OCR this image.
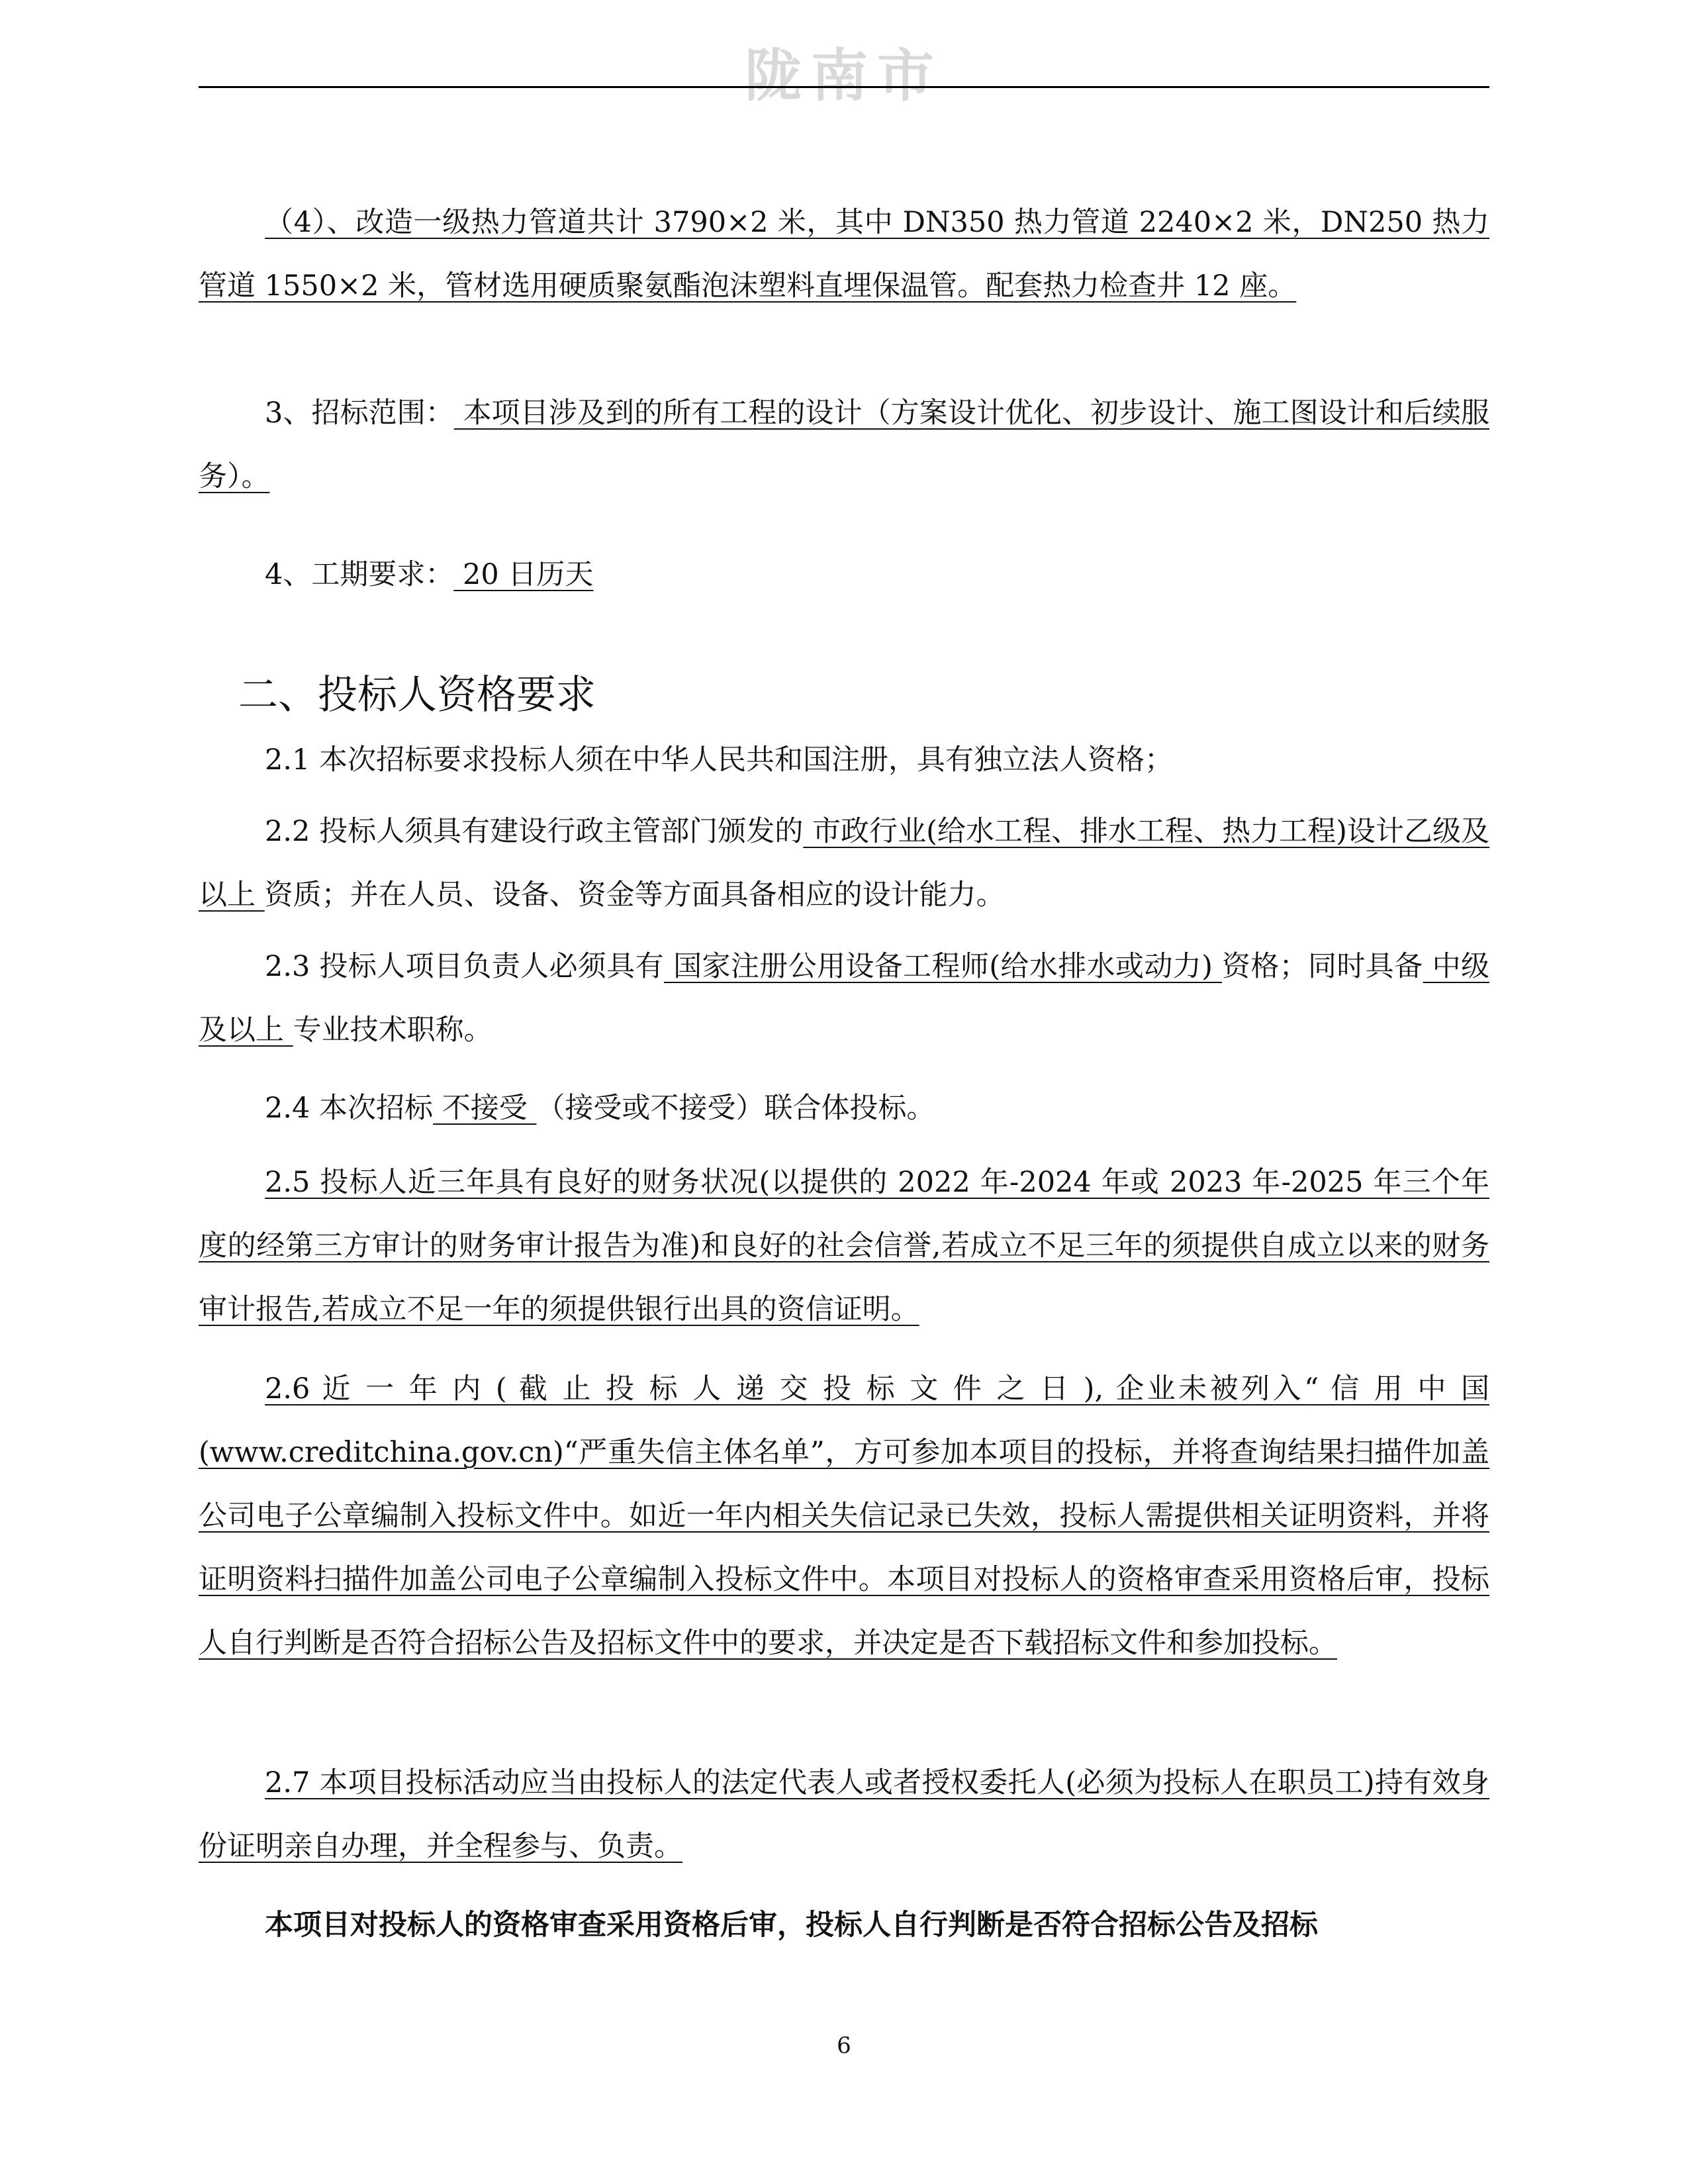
陇南市
（4）、改造一级热力管道共计 3790×2 米，其中 DN350 热力管道 2240×2 米，DN250 热力管道 1550×2 米，管材选用硬质聚氨酯泡沫塑料直埋保温管。配套热力检查井 12 座。
3、招标范围： 本项目涉及到的所有工程的设计（方案设计优化、初步设计、施工图设计和后续服务）。
4、工期要求： 20 日历天
二、投标人资格要求
2.1 本次招标要求投标人须在中华人民共和国注册，具有独立法人资格；
2.2 投标人须具有建设行政主管部门颁发的 市政行业(给水工程、排水工程、热力工程)设计乙级及以上 资质；并在人员、设备、资金等方面具备相应的设计能力。
2.3 投标人项目负责人必须具有 国家注册公用设备工程师(给水排水或动力) 资格；同时具备 中级及以上 专业技术职称。
2.4 本次招标 不接受 （接受或不接受）联合体投标。
2.5 投标人近三年具有良好的财务状况(以提供的 2022 年-2024 年或 2023 年-2025 年三个年度的经第三方审计的财务审计报告为准)和良好的社会信誉,若成立不足三年的须提供自成立以来的财务审计报告,若成立不足一年的须提供银行出具的资信证明。
2.6 近 一 年 内 ( 截 止 投 标 人 递 交 投 标 文 件 之 日 ), 企业未被列入“ 信 用 中 国(www.creditchina.gov.cn)“严重失信主体名单”，方可参加本项目的投标，并将查询结果扫描件加盖公司电子公章编制入投标文件中。如近一年内相关失信记录已失效，投标人需提供相关证明资料，并将证明资料扫描件加盖公司电子公章编制入投标文件中。本项目对投标人的资格审查采用资格后审，投标人自行判断是否符合招标公告及招标文件中的要求，并决定是否下载招标文件和参加投标。
2.7 本项目投标活动应当由投标人的法定代表人或者授权委托人(必须为投标人在职员工)持有效身份证明亲自办理，并全程参与、负责。
本项目对投标人的资格审查采用资格后审，投标人自行判断是否符合招标公告及招标
6
